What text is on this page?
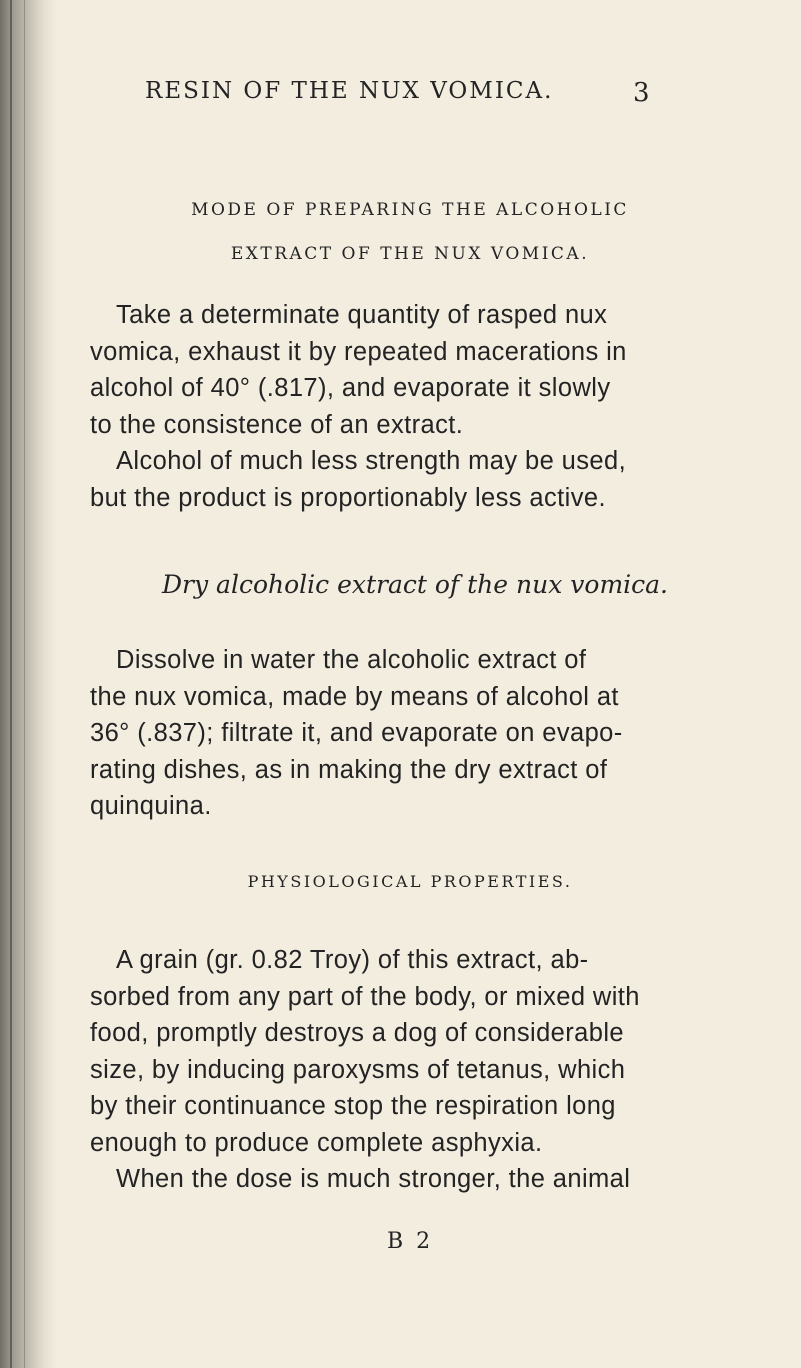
RESIN OF THE NUX VOMICA.	3
MODE OF PREPARING THE ALCOHOLIC
EXTRACT OF THE NUX VOMICA.

Take a determinate quantity of rasped nux
vomica, exhaust it by repeated macerations in
alcohol of 40° (.817), and evaporate it slowly
to the consistence of an extract.

Alcohol of much less strength may be used,
but the product is proportionably less active.

Dry alcoholic extract of the nux vomica.

Dissolve in water the alcoholic extract of
the nux vomica, made by means of alcohol at
36° (.837); filtrate it, and evaporate on evapo-
rating dishes, as in making the dry extract of
quinquina.

PHYSIOLOGICAL PROPERTIES.

A grain (gr. 0.82 Troy) of this extract, ab-
sorbed from any part of the body, or mixed with
food, promptly destroys a dog of considerable
size, by inducing paroxysms of tetanus, which
by their continuance stop the respiration long
enough to produce complete asphyxia.

When the dose is much stronger, the animal

B 2
